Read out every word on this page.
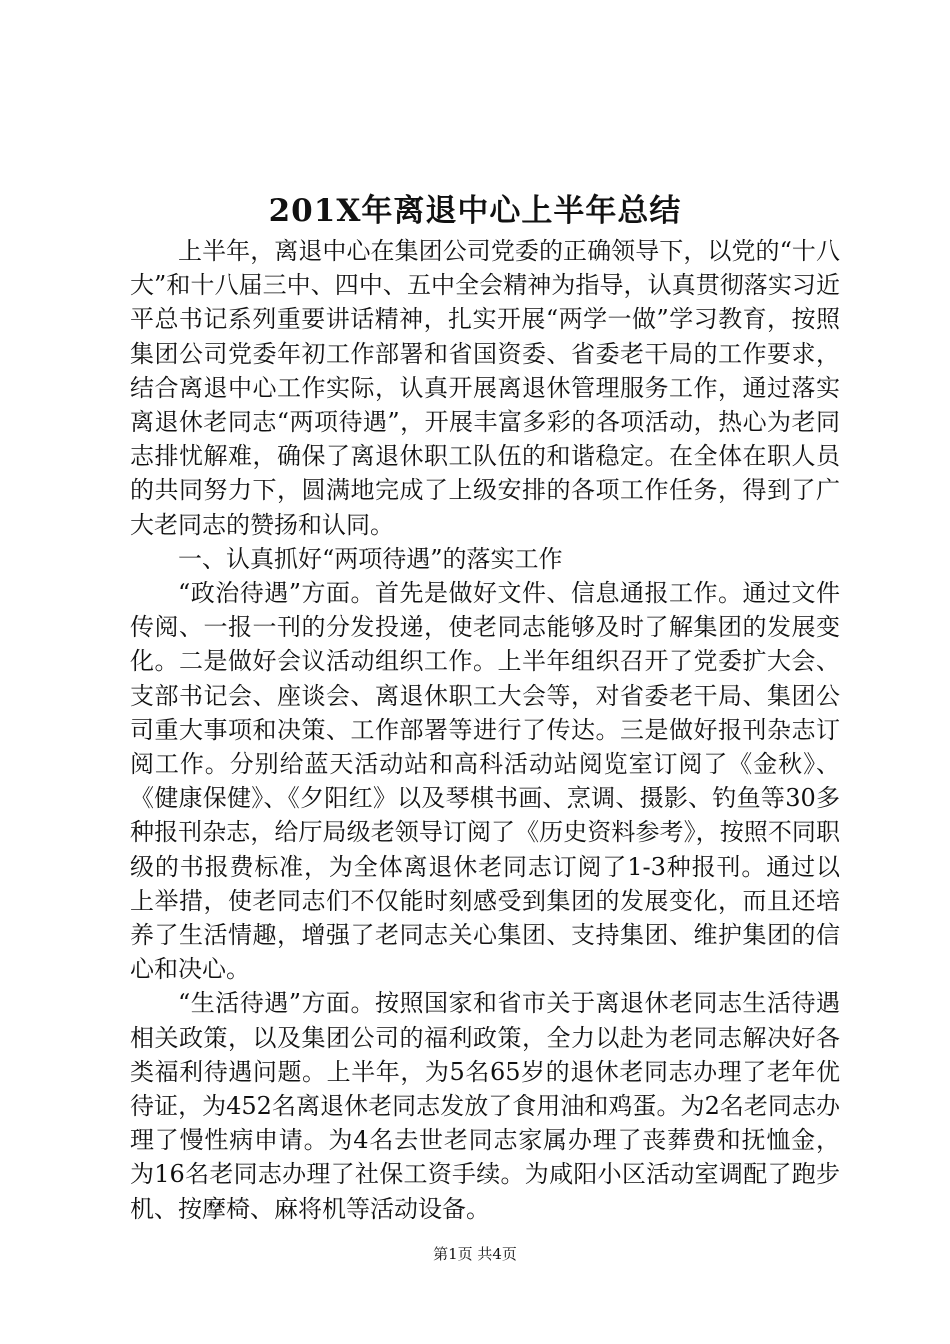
201X年离退中心上半年总结

上半年，离退中心在集团公司党委的正确领导下，以党的“十八大”和十八届三中、四中、五中全会精神为指导，认真贯彻落实习近平总书记系列重要讲话精神，扎实开展“两学一做”学习教育，按照集团公司党委年初工作部署和省国资委、省委老干局的工作要求，结合离退中心工作实际，认真开展离退休管理服务工作，通过落实离退休老同志“两项待遇”，开展丰富多彩的各项活动，热心为老同志排忧解难，确保了离退休职工队伍的和谐稳定。在全体在职人员的共同努力下，圆满地完成了上级安排的各项工作任务，得到了广大老同志的赞扬和认同。

一、认真抓好“两项待遇”的落实工作

“政治待遇”方面。首先是做好文件、信息通报工作。通过文件传阅、一报一刊的分发投递，使老同志能够及时了解集团的发展变化。二是做好会议活动组织工作。上半年组织召开了党委扩大会、支部书记会、座谈会、离退休职工大会等，对省委老干局、集团公司重大事项和决策、工作部署等进行了传达。三是做好报刊杂志订阅工作。分别给蓝天活动站和高科活动站阅览室订阅了《金秋》、《健康保健》、《夕阳红》以及琴棋书画、烹调、摄影、钓鱼等30多种报刊杂志，给厅局级老领导订阅了《历史资料参考》，按照不同职级的书报费标准，为全体离退休老同志订阅了1-3种报刊。通过以上举措，使老同志们不仅能时刻感受到集团的发展变化，而且还培养了生活情趣，增强了老同志关心集团、支持集团、维护集团的信心和决心。

“生活待遇”方面。按照国家和省市关于离退休老同志生活待遇相关政策，以及集团公司的福利政策，全力以赴为老同志解决好各类福利待遇问题。上半年，为5名65岁的退休老同志办理了老年优待证，为452名离退休老同志发放了食用油和鸡蛋。为2名老同志办理了慢性病申请。为4名去世老同志家属办理了丧葬费和抚恤金，为16名老同志办理了社保工资手续。为咸阳小区活动室调配了跑步机、按摩椅、麻将机等活动设备。

第1页 共4页
